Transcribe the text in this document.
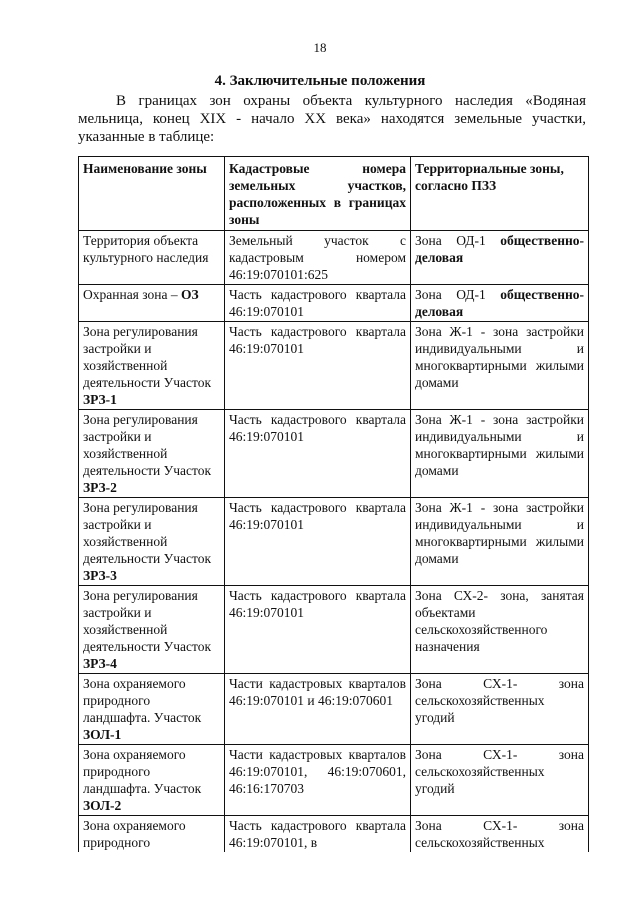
18
4. Заключительные положения
В границах зон охраны объекта культурного наследия «Водяная мельница, конец XIX - начало XX века» находятся земельные участки, указанные в таблице:
Наименование зоны	Кадастровые номера земельных участков, расположенных в границах зоны	Территориальные зоны, согласно ПЗЗ
Территория объекта культурного наследия	Земельный участок с кадастровым номером 46:19:070101:625	Зона ОД-1 общественно-деловая
Охранная зона – ОЗ	Часть кадастрового квартала 46:19:070101	Зона ОД-1 общественно-деловая
Зона регулирования застройки и хозяйственной деятельности Участок ЗРЗ-1	Часть кадастрового квартала 46:19:070101	Зона Ж-1 - зона застройки индивидуальными и многоквартирными жилыми домами
Зона регулирования застройки и хозяйственной деятельности Участок ЗРЗ-2	Часть кадастрового квартала 46:19:070101	Зона Ж-1 - зона застройки индивидуальными и многоквартирными жилыми домами
Зона регулирования застройки и хозяйственной деятельности Участок ЗРЗ-3	Часть кадастрового квартала 46:19:070101	Зона Ж-1 - зона застройки индивидуальными и многоквартирными жилыми домами
Зона регулирования застройки и хозяйственной деятельности Участок ЗРЗ-4	Часть кадастрового квартала 46:19:070101	Зона СХ-2- зона, занятая объектами сельскохозяйственного назначения
Зона охраняемого природного ландшафта. Участок ЗОЛ-1	Части кадастровых кварталов 46:19:070101 и 46:19:070601	Зона СХ-1- зона сельскохозяйственных угодий
Зона охраняемого природного ландшафта. Участок ЗОЛ-2	Части кадастровых кварталов 46:19:070101, 46:19:070601, 46:16:170703	Зона СХ-1- зона сельскохозяйственных угодий
Зона охраняемого природного	Часть кадастрового квартала 46:19:070101, в	Зона СХ-1- зона сельскохозяйственных
